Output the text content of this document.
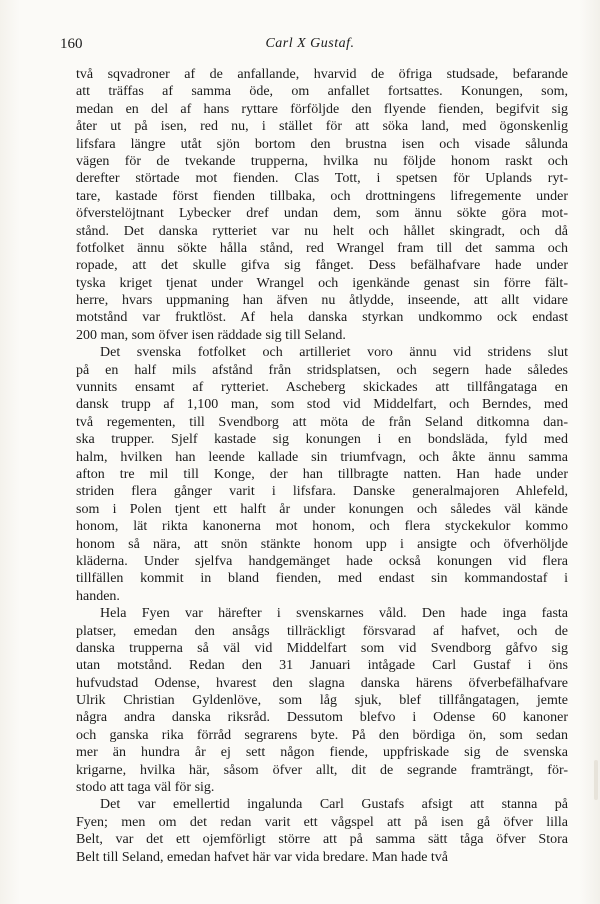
160	Carl X Gustaf.
två sqvadroner af de anfallande, hvarvid de öfriga studsade, befarande
att träffas af samma öde, om anfallet fortsattes. Konungen, som,
medan en del af hans ryttare förföljde den flyende fienden, begifvit sig
åter ut på isen, red nu, i stället för att söka land, med ögonskenlig
lifsfara längre utåt sjön bortom den brustna isen och visade sålunda
vägen för de tvekande trupperna, hvilka nu följde honom raskt och
derefter störtade mot fienden. Clas Tott, i spetsen för Uplands ryt-
tare, kastade först fienden tillbaka, och drottningens lifregemente under
öfverstelöjtnant Lybecker dref undan dem, som ännu sökte göra mot-
stånd. Det danska rytteriet var nu helt och hållet skingradt, och då
fotfolket ännu sökte hålla stånd, red Wrangel fram till det samma och
ropade, att det skulle gifva sig fånget. Dess befälhafvare hade under
tyska kriget tjenat under Wrangel och igenkände genast sin förre fält-
herre, hvars uppmaning han äfven nu åtlydde, inseende, att allt vidare
motstånd var fruktlöst. Af hela danska styrkan undkommo ock endast
200 man, som öfver isen räddade sig till Seland.
Det svenska fotfolket och artilleriet voro ännu vid stridens slut
på en half mils afstånd från stridsplatsen, och segern hade således
vunnits ensamt af rytteriet. Ascheberg skickades att tillfångataga en
dansk trupp af 1,100 man, som stod vid Middelfart, och Berndes, med
två regementen, till Svendborg att möta de från Seland ditkomna dan-
ska trupper. Sjelf kastade sig konungen i en bondsläda, fyld med
halm, hvilken han leende kallade sin triumfvagn, och åkte ännu samma
afton tre mil till Konge, der han tillbragte natten. Han hade under
striden flera gånger varit i lifsfara. Danske generalmajoren Ahlefeld,
som i Polen tjent ett halft år under konungen och således väl kände
honom, lät rikta kanonerna mot honom, och flera styckekulor kommo
honom så nära, att snön stänkte honom upp i ansigte och öfverhöljde
kläderna. Under sjelfva handgemänget hade också konungen vid flera
tillfällen kommit in bland fienden, med endast sin kommandostaf i
handen.
Hela Fyen var härefter i svenskarnes våld. Den hade inga fasta
platser, emedan den ansågs tillräckligt försvarad af hafvet, och de
danska trupperna så väl vid Middelfart som vid Svendborg gåfvo sig
utan motstånd. Redan den 31 Januari intågade Carl Gustaf i öns
hufvudstad Odense, hvarest den slagna danska härens öfverbefälhafvare
Ulrik Christian Gyldenlöve, som låg sjuk, blef tillfångatagen, jemte
några andra danska riksråd. Dessutom blefvo i Odense 60 kanoner
och ganska rika förråd segrarens byte. På den bördiga ön, som sedan
mer än hundra år ej sett någon fiende, uppfriskade sig de svenska
krigarne, hvilka här, såsom öfver allt, dit de segrande framträngt, för-
stodo att taga väl för sig.
Det var emellertid ingalunda Carl Gustafs afsigt att stanna på
Fyen; men om det redan varit ett vågspel att på isen gå öfver lilla
Belt, var det ett ojemförligt större att på samma sätt tåga öfver Stora
Belt till Seland, emedan hafvet här var vida bredare. Man hade två
